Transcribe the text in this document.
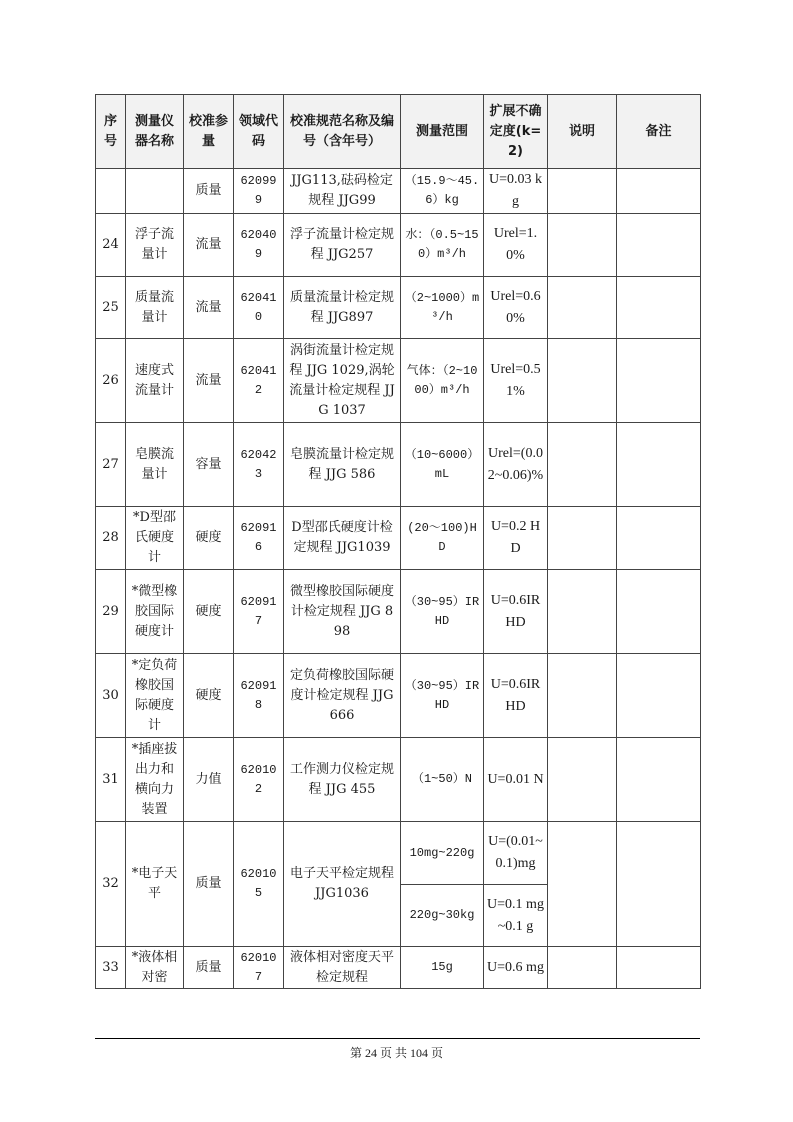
序号	测量仪器名称	校准参量	领域代码	校准规范名称及编号（含年号）	测量范围	扩展不确定度(k=2)	说明	备注
		质量	620999	JJG113,砝码检定规程 JJG99	（15.9～45.6）kg	U=0.03 kg		
24	浮子流量计	流量	620409	浮子流量计检定规程 JJG257	水：（0.5~150）m³/h	Urel=1.0%		
25	质量流量计	流量	620410	质量流量计检定规程 JJG897	（2~1000）m³/h	Urel=0.60%		
26	速度式流量计	流量	620412	涡街流量计检定规程 JJG 1029,涡轮流量计检定规程 JJG 1037	气体：（2~1000）m³/h	Urel=0.51%		
27	皂膜流量计	容量	620423	皂膜流量计检定规程 JJG 586	（10~6000）mL	Urel=(0.02~0.06)%		
28	*D型邵氏硬度计	硬度	620916	D型邵氏硬度计检定规程 JJG1039	(20～100)HD	U=0.2 HD		
29	*微型橡胶国际硬度计	硬度	620917	微型橡胶国际硬度计检定规程 JJG 898	（30~95）IRHD	U=0.6IRHD		
30	*定负荷橡胶国际硬度计	硬度	620918	定负荷橡胶国际硬度计检定规程 JJG666	（30~95）IRHD	U=0.6IRHD		
31	*插座拔出力和横向力装置	力值	620102	工作测力仪检定规程 JJG 455	（1~50）N	U=0.01 N		
32	*电子天平	质量	620105	电子天平检定规程 JJG1036	10mg~220g	U=(0.01~0.1)mg		
					220g~30kg	U=0.1 mg~0.1 g		
33	*液体相对密	质量	620107	液体相对密度天平检定规程	15g	U=0.6 mg		
第 24 页 共 104 页
